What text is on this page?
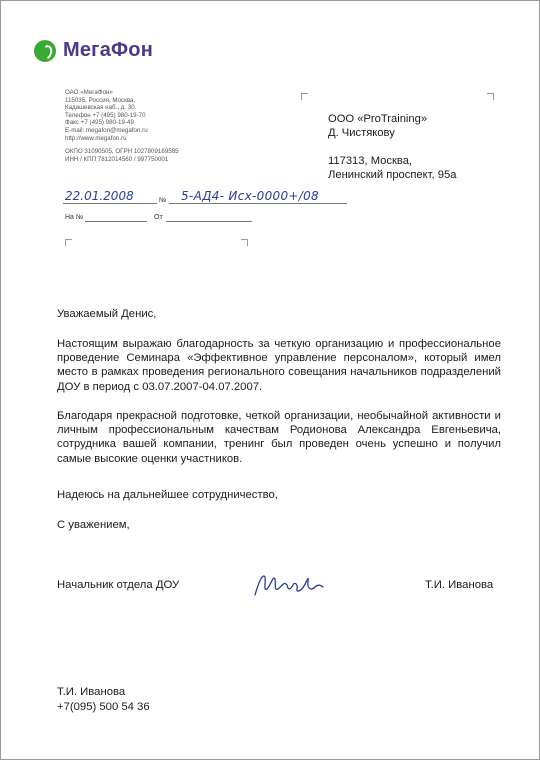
МегаФон
ОАО «МегаФон»
115035, Россия, Москва,
Кадашевская наб., д. 30.
Телефон +7 (495) 980-19-70
Факс +7 (495) 980-19-49
E-mail: megafon@megafon.ru
http://www.megafon.ru
ОКПО 31090505, ОГРН 1027809169585
ИНН / КПП 7812014560 / 997750001
ООО «ProTraining»
Д. Чистякову
117313, Москва,
Ленинский проспект, 95а
22.01.2008	№ 5-АД4- Исх-0000+/08
На №	От
Уважаемый Денис,

Настоящим выражаю благодарность за четкую организацию и профессиональное проведение Семинара «Эффективное управление персоналом», который имел место в рамках проведения регионального совещания начальников подразделений ДОУ в период с 03.07.2007-04.07.2007.

Благодаря прекрасной подготовке, четкой организации, необычайной активности и личным профессиональным качествам Родионова Александра Евгеньевича, сотрудника вашей компании, тренинг был проведен очень успешно и получил самые высокие оценки участников.

Надеюсь на дальнейшее сотрудничество,
С уважением,
Начальник отдела ДОУ	Т.И. Иванова
Т.И. Иванова
+7(095) 500 54 36
